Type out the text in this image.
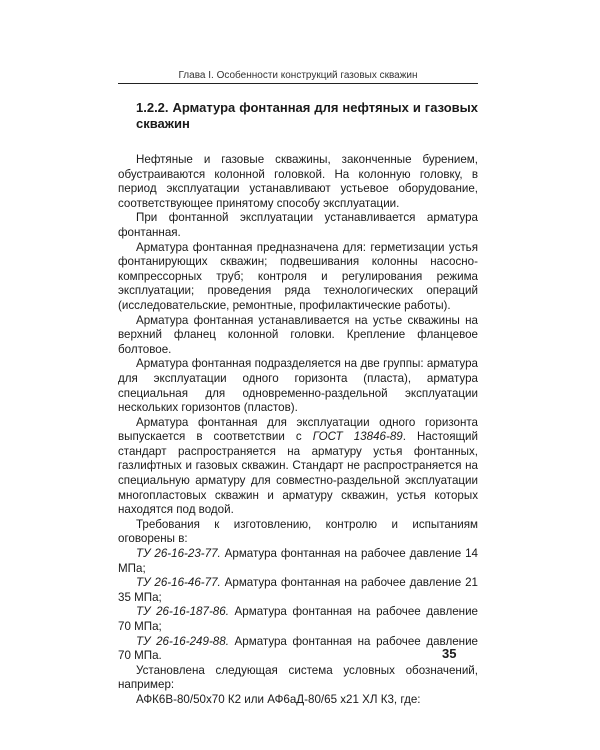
Глава I. Особенности конструкций газовых скважин
1.2.2. Арматура фонтанная для нефтяных и газовых скважин

Нефтяные и газовые скважины, законченные бурением, обустраиваются колонной головкой. На колонную головку, в период эксплуатации устанавливают устьевое оборудование, соответствующее принятому способу эксплуатации.

При фонтанной эксплуатации устанавливается арматура фонтанная.

Арматура фонтанная предназначена для: герметизации устья фонтанирующих скважин; подвешивания колонны насосно-компрессорных труб; контроля и регулирования режима эксплуатации; проведения ряда технологических операций (исследовательские, ремонтные, профилактические работы).

Арматура фонтанная устанавливается на устье скважины на верхний фланец колонной головки. Крепление фланцевое болтовое.

Арматура фонтанная подразделяется на две группы: арматура для эксплуатации одного горизонта (пласта), арматура специальная для одновременно-раздельной эксплуатации нескольких горизонтов (пластов).

Арматура фонтанная для эксплуатации одного горизонта выпускается в соответствии с ГОСТ 13846-89. Настоящий стандарт распространяется на арматуру устья фонтанных, газлифтных и газовых скважин. Стандарт не распространяется на специальную арматуру для совместно-раздельной эксплуатации многопластовых скважин и арматуру скважин, устья которых находятся под водой.

Требования к изготовлению, контролю и испытаниям оговорены в:

ТУ 26-16-23-77. Арматура фонтанная на рабочее давление 14 МПа;

ТУ 26-16-46-77. Арматура фонтанная на рабочее давление 21 35 МПа;

ТУ 26-16-187-86. Арматура фонтанная на рабочее давление 70 МПа;

ТУ 26-16-249-88. Арматура фонтанная на рабочее давление 70 МПа.

Установлена следующая система условных обозначений, например:

АФК6В-80/50х70 К2 или АФ6аД-80/65 х21 ХЛ К3, где:

35
